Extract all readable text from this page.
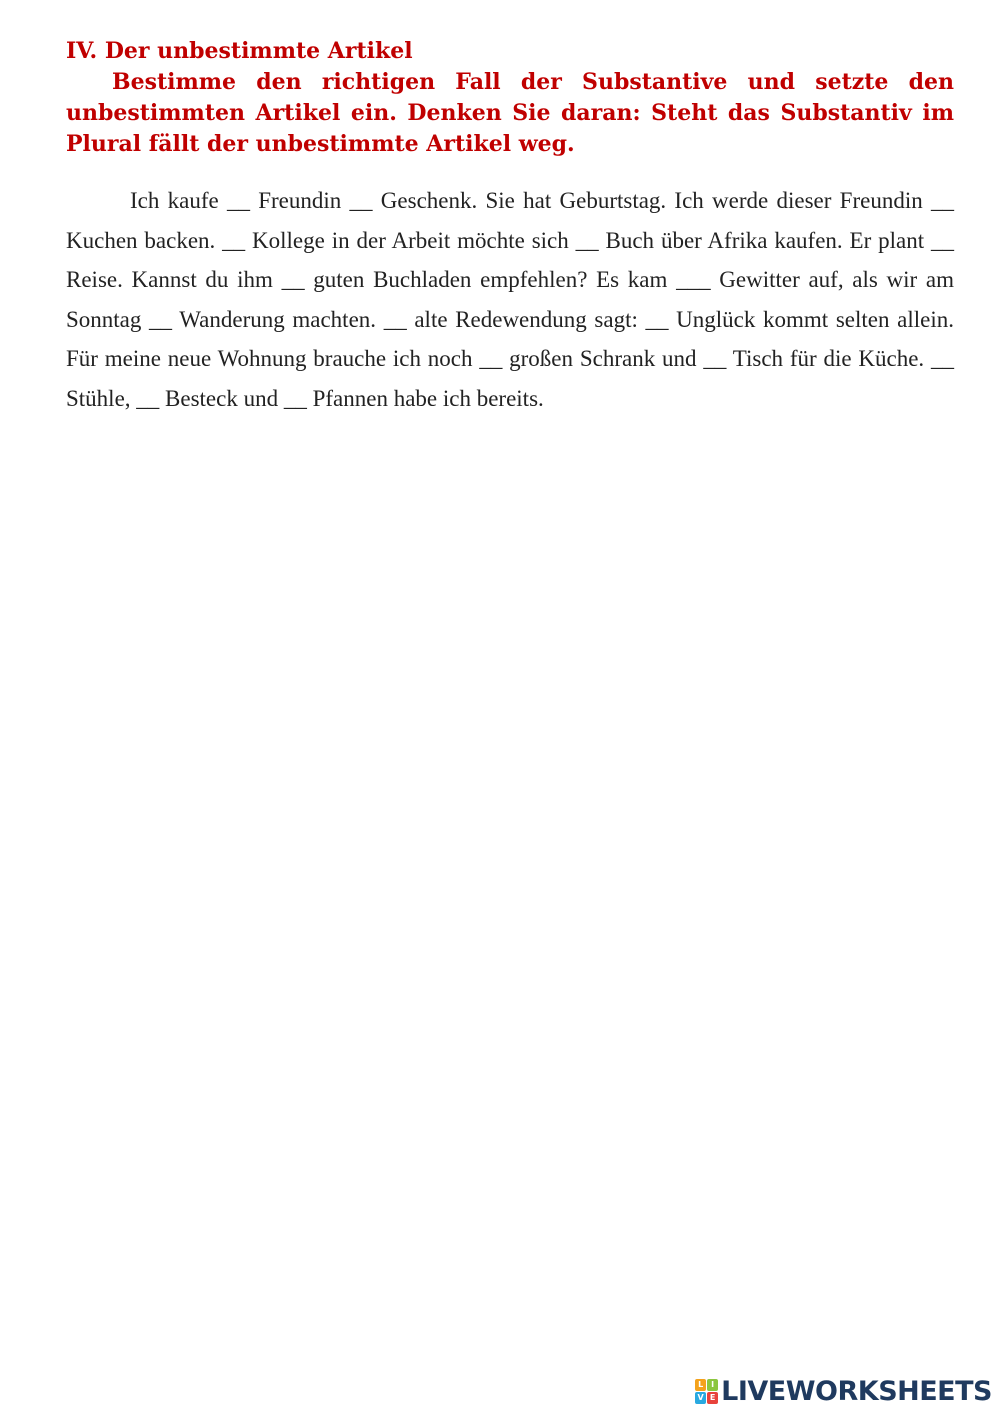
IV. Der unbestimmte Artikel

Bestimme den richtigen Fall der Substantive und setzte den unbestimmten Artikel ein. Denken Sie daran: Steht das Substantiv im Plural fällt der unbestimmte Artikel weg.

Ich kaufe __ Freundin __ Geschenk. Sie hat Geburtstag. Ich werde dieser Freundin __ Kuchen backen. __ Kollege in der Arbeit möchte sich __ Buch über Afrika kaufen. Er plant __ Reise. Kannst du ihm __ guten Buchladen empfehlen? Es kam ___ Gewitter auf, als wir am Sonntag __ Wanderung machten. __ alte Redewendung sagt: __ Unglück kommt selten allein. Für meine neue Wohnung brauche ich noch __ großen Schrank und __ Tisch für die Küche. __ Stühle, __ Besteck und __ Pfannen habe ich bereits.

L I
V E LIVEWORKSHEETS
